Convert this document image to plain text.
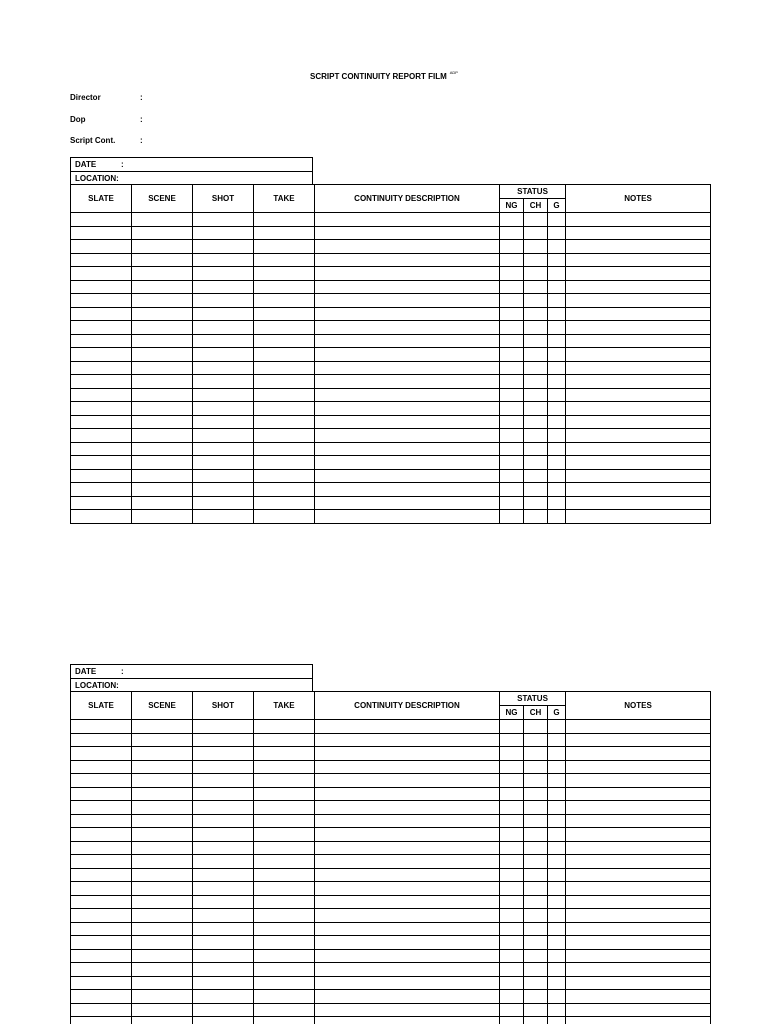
SCRIPT CONTINUITY REPORT FILM $^{ADP}$
Director	:
Dop	:
Script Cont.	:
DATE	:
LOCATION:
SLATE	SCENE	SHOT	TAKE	CONTINUITY DESCRIPTION	STATUS			NOTES
					NG	CH	G	

DATE	:
LOCATION:
SLATE	SCENE	SHOT	TAKE	CONTINUITY DESCRIPTION	STATUS			NOTES
					NG	CH	G	
